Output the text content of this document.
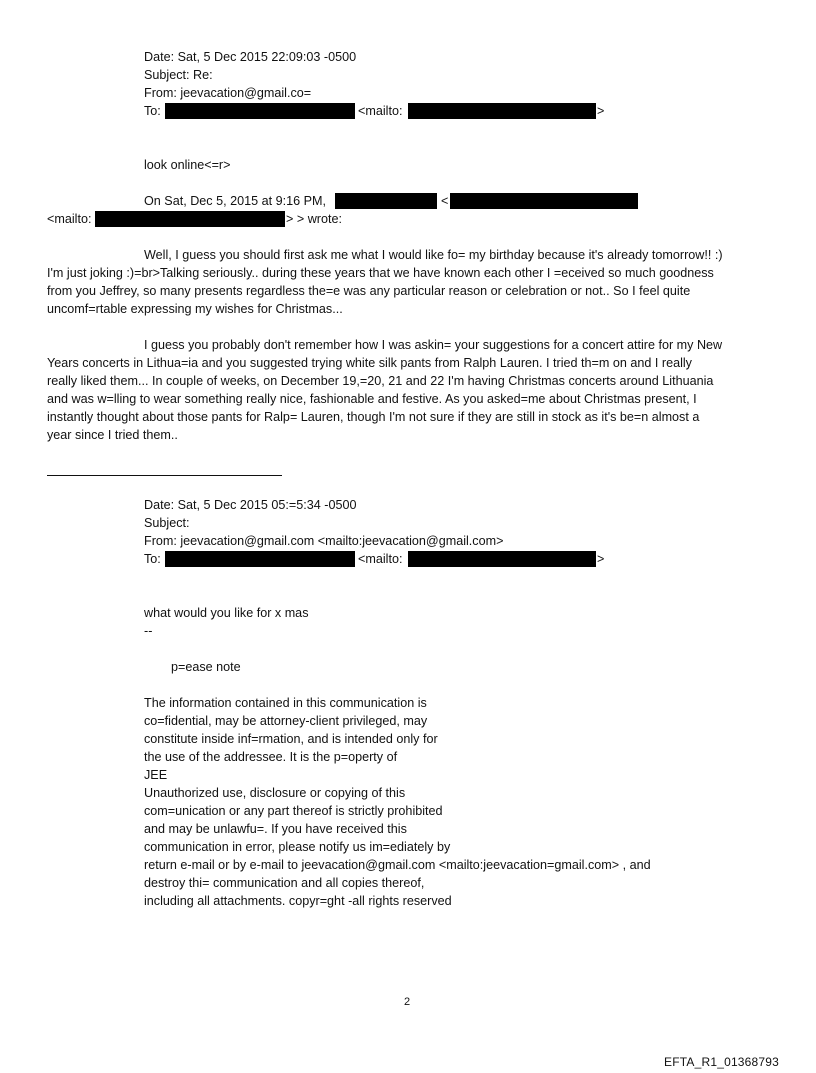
Date: Sat, 5 Dec 2015 22:09:03 -0500
Subject: Re:
From: jeevacation@gmail.co=
To:	<mailto:	>
look online<=r>
On Sat, Dec 5, 2015 at 9:16 PM,	<
<mailto:	> > wrote:
Well, I guess you should first ask me what I would like fo= my birthday because it's already tomorrow!! :)
I'm just joking :)=br>Talking seriously.. during these years that we have known each other I =eceived so much goodness
from you Jeffrey, so many presents regardless the=e was any particular reason or celebration or not.. So I feel quite
uncomf=rtable expressing my wishes for Christmas...
I guess you probably don't remember how I was askin= your suggestions for a concert attire for my New
Years concerts in Lithua=ia and you suggested trying white silk pants from Ralph Lauren. I tried th=m on and I really
really liked them... In couple of weeks, on December 19,=20, 21 and 22 I'm having Christmas concerts around Lithuania
and was w=lling to wear something really nice, fashionable and festive. As you asked=me about Christmas present, I
instantly thought about those pants for Ralp= Lauren, though I'm not sure if they are still in stock as it's be=n almost a
year since I tried them..
Date: Sat, 5 Dec 2015 05:=5:34 -0500
Subject:
From: jeevacation@gmail.com <mailto:jeevacation@gmail.com>
To:	<mailto:	>
what would you like for x mas
--
p=ease note
The information contained in this communication is
co=fidential, may be attorney-client privileged, may
constitute inside inf=rmation, and is intended only for
the use of the addressee. It is the p=operty of
JEE
Unauthorized use, disclosure or copying of this
com=unication or any part thereof is strictly prohibited
and may be unlawfu=. If you have received this
communication in error, please notify us im=ediately by
return e-mail or by e-mail to jeevacation@gmail.com <mailto:jeevacation=gmail.com> , and
destroy thi= communication and all copies thereof,
including all attachments. copyr=ght -all rights reserved
2
EFTA_R1_01368793
